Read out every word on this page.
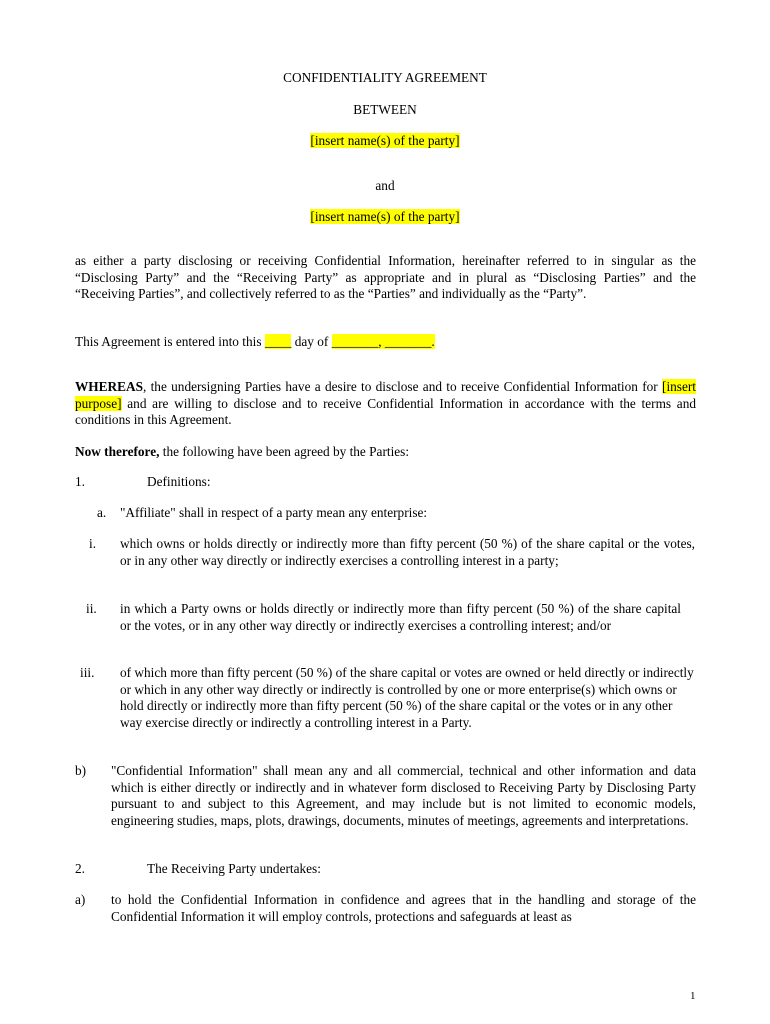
CONFIDENTIALITY AGREEMENT
BETWEEN
[insert name(s) of the party]
and
[insert name(s) of the party]
as either a party disclosing or receiving Confidential Information, hereinafter referred to in singular as the “Disclosing Party” and the “Receiving Party” as appropriate and in plural as “Disclosing Parties” and the “Receiving Parties”, and collectively referred to as the “Parties” and individually as the “Party”.
This Agreement is entered into this ____ day of _______, _______.
WHEREAS, the undersigning Parties have a desire to disclose and to receive Confidential Information for [insert purpose] and are willing to disclose and to receive Confidential Information in accordance with the terms and conditions in this Agreement.
Now therefore, the following have been agreed by the Parties:
1.	Definitions:
a. "Affiliate" shall in respect of a party mean any enterprise:
i. which owns or holds directly or indirectly more than fifty percent (50 %) of the share capital or the votes, or in any other way directly or indirectly exercises a controlling interest in a party;
ii. in which a Party owns or holds directly or indirectly more than fifty percent (50 %) of the share capital or the votes, or in any other way directly or indirectly exercises a controlling interest; and/or
iii. of which more than fifty percent (50 %) of the share capital or votes are owned or held directly or indirectly or which in any other way directly or indirectly is controlled by one or more enterprise(s) which owns or hold directly or indirectly more than fifty percent (50 %) of the share capital or the votes or in any other way exercise directly or indirectly a controlling interest in a Party.
b) "Confidential Information" shall mean any and all commercial, technical and other information and data which is either directly or indirectly and in whatever form disclosed to Receiving Party by Disclosing Party pursuant to and subject to this Agreement, and may include but is not limited to economic models, engineering studies, maps, plots, drawings, documents, minutes of meetings, agreements and interpretations.
2.	The Receiving Party undertakes:
a) to hold the Confidential Information in confidence and agrees that in the handling and storage of the Confidential Information it will employ controls, protections and safeguards at least as
1
